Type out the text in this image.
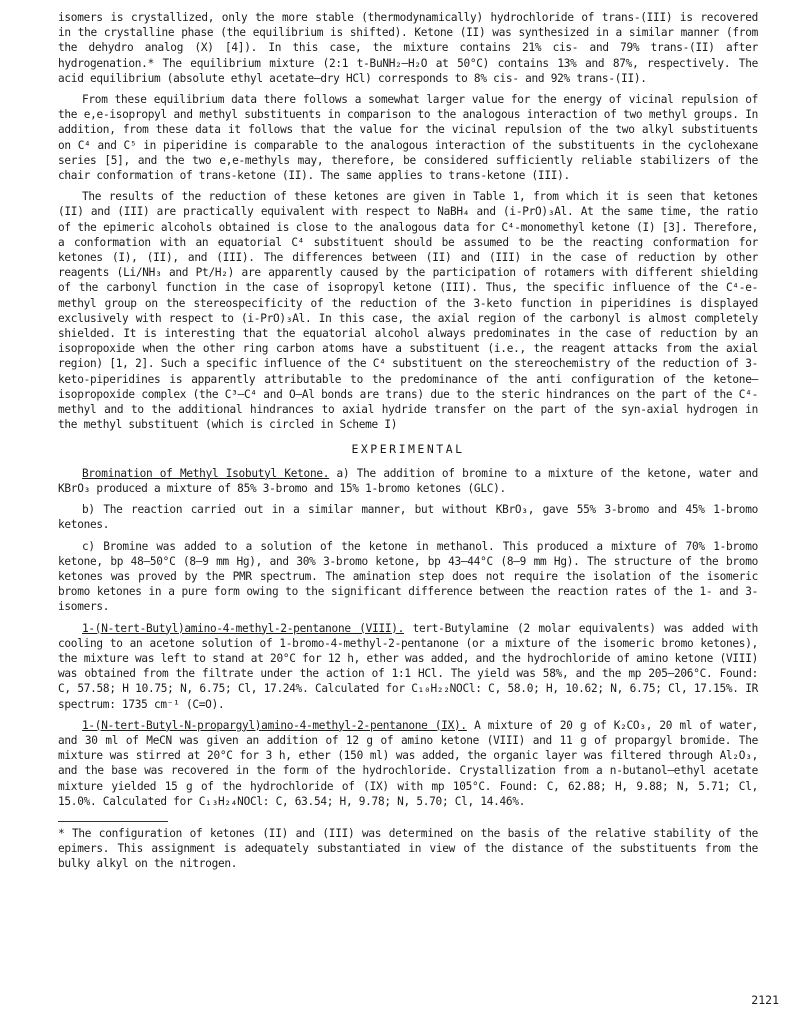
isomers is crystallized, only the more stable (thermodynamically) hydrochloride of trans-(III) is recovered in the crystalline phase (the equilibrium is shifted). Ketone (II) was synthesized in a similar manner (from the dehydro analog (X) [4]). In this case, the mixture contains 21% cis- and 79% trans-(II) after hydrogenation.* The equilibrium mixture (2:1 t-BuNH₂–H₂O at 50°C) contains 13% and 87%, respectively. The acid equilibrium (absolute ethyl acetate–dry HCl) corresponds to 8% cis- and 92% trans-(II).

From these equilibrium data there follows a somewhat larger value for the energy of vicinal repulsion of the e,e-isopropyl and methyl substituents in comparison to the analogous interaction of two methyl groups. In addition, from these data it follows that the value for the vicinal repulsion of the two alkyl substituents on C⁴ and C⁵ in piperidine is comparable to the analogous interaction of the substituents in the cyclohexane series [5], and the two e,e-methyls may, therefore, be considered sufficiently reliable stabilizers of the chair conformation of trans-ketone (II). The same applies to trans-ketone (III).

The results of the reduction of these ketones are given in Table 1, from which it is seen that ketones (II) and (III) are practically equivalent with respect to NaBH₄ and (i-PrO)₃Al. At the same time, the ratio of the epimeric alcohols obtained is close to the analogous data for C⁴-monomethyl ketone (I) [3]. Therefore, a conformation with an equatorial C⁴ substituent should be assumed to be the reacting conformation for ketones (I), (II), and (III). The differences between (II) and (III) in the case of reduction by other reagents (Li/NH₃ and Pt/H₂) are apparently caused by the participation of rotamers with different shielding of the carbonyl function in the case of isopropyl ketone (III). Thus, the specific influence of the C⁴-e-methyl group on the stereospecificity of the reduction of the 3-keto function in piperidines is displayed exclusively with respect to (i-PrO)₃Al. In this case, the axial region of the carbonyl is almost completely shielded. It is interesting that the equatorial alcohol always predominates in the case of reduction by an isopropoxide when the other ring carbon atoms have a substituent (i.e., the reagent attacks from the axial region) [1, 2]. Such a specific influence of the C⁴ substituent on the stereochemistry of the reduction of 3-keto-piperidines is apparently attributable to the predominance of the anti configuration of the ketone–isopropoxide complex (the C³–C⁴ and O–Al bonds are trans) due to the steric hindrances on the part of the C⁴-methyl and to the additional hindrances to axial hydride transfer on the part of the syn-axial hydrogen in the methyl substituent (which is circled in Scheme I)

EXPERIMENTAL

Bromination of Methyl Isobutyl Ketone. a) The addition of bromine to a mixture of the ketone, water and KBrO₃ produced a mixture of 85% 3-bromo and 15% 1-bromo ketones (GLC).

b) The reaction carried out in a similar manner, but without KBrO₃, gave 55% 3-bromo and 45% 1-bromo ketones.

c) Bromine was added to a solution of the ketone in methanol. This produced a mixture of 70% 1-bromo ketone, bp 48–50°C (8–9 mm Hg), and 30% 3-bromo ketone, bp 43–44°C (8–9 mm Hg). The structure of the bromo ketones was proved by the PMR spectrum. The amination step does not require the isolation of the isomeric bromo ketones in a pure form owing to the significant difference between the reaction rates of the 1- and 3-isomers.

1-(N-tert-Butyl)amino-4-methyl-2-pentanone (VIII). tert-Butylamine (2 molar equivalents) was added with cooling to an acetone solution of 1-bromo-4-methyl-2-pentanone (or a mixture of the isomeric bromo ketones), the mixture was left to stand at 20°C for 12 h, ether was added, and the hydrochloride of amino ketone (VIII) was obtained from the filtrate under the action of 1:1 HCl. The yield was 58%, and the mp 205–206°C. Found: C, 57.58; H 10.75; N, 6.75; Cl, 17.24%. Calculated for C₁₀H₂₂NOCl: C, 58.0; H, 10.62; N, 6.75; Cl, 17.15%. IR spectrum: 1735 cm⁻¹ (C=O).

1-(N-tert-Butyl-N-propargyl)amino-4-methyl-2-pentanone (IX). A mixture of 20 g of K₂CO₃, 20 ml of water, and 30 ml of MeCN was given an addition of 12 g of amino ketone (VIII) and 11 g of propargyl bromide. The mixture was stirred at 20°C for 3 h, ether (150 ml) was added, the organic layer was filtered through Al₂O₃, and the base was recovered in the form of the hydrochloride. Crystallization from a n-butanol–ethyl acetate mixture yielded 15 g of the hydrochloride of (IX) with mp 105°C. Found: C, 62.88; H, 9.88; N, 5.71; Cl, 15.0%. Calculated for C₁₃H₂₄NOCl: C, 63.54; H, 9.78; N, 5.70; Cl, 14.46%.

* The configuration of ketones (II) and (III) was determined on the basis of the relative stability of the epimers. This assignment is adequately substantiated in view of the distance of the substituents from the bulky alkyl on the nitrogen.

2121
